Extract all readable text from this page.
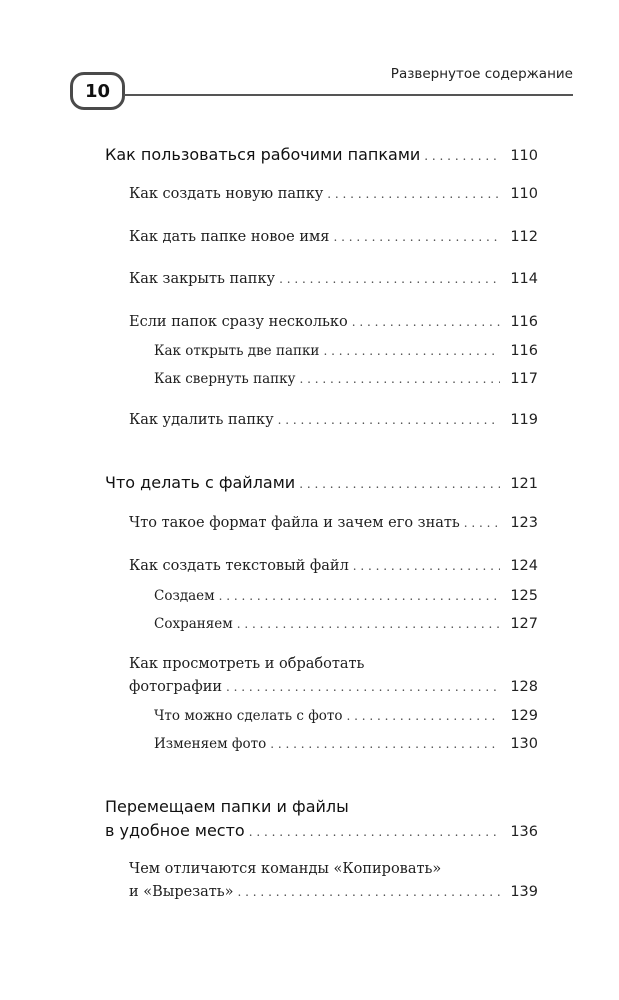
10
Развернутое содержание
Как пользоваться рабочими папками . . .	110
Как создать новую папку . . .	110
Как дать папке новое имя . . .	112
Как закрыть папку . . .	114
Если папок сразу несколько . . .	116
Как открыть две папки . . .	116
Как свернуть папку . . .	117
Как удалить папку . . .	119
Что делать с файлами . . .	121
Что такое формат файла и зачем его знать . . .	123
Как создать текстовый файл . . .	124
Создаем . . .	125
Сохраняем . . .	127
Как просмотреть и обработать
фотографии . . .	128
Что можно сделать с фото . . .	129
Изменяем фото . . .	130
Перемещаем папки и файлы
в удобное место . . .	136
Чем отличаются команды «Копировать»
и «Вырезать» . . .	139
